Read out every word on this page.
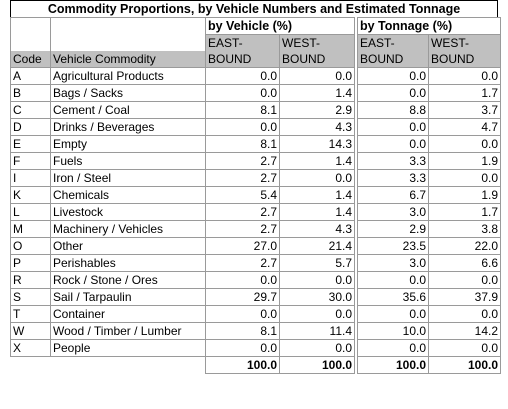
Commodity Proportions, by Vehicle Numbers and Estimated Tonnage
		by Vehicle (%)			by Tonnage (%)	
		EAST-	WEST-		EAST-	WEST-
Code	Vehicle Commodity	BOUND	BOUND		BOUND	BOUND
A	Agricultural Products	0.0	0.0		0.0	0.0
B	Bags / Sacks	0.0	1.4		0.0	1.7
C	Cement / Coal	8.1	2.9		8.8	3.7
D	Drinks / Beverages	0.0	4.3		0.0	4.7
E	Empty	8.1	14.3		0.0	0.0
F	Fuels	2.7	1.4		3.3	1.9
I	Iron / Steel	2.7	0.0		3.3	0.0
K	Chemicals	5.4	1.4		6.7	1.9
L	Livestock	2.7	1.4		3.0	1.7
M	Machinery / Vehicles	2.7	4.3		2.9	3.8
O	Other	27.0	21.4		23.5	22.0
P	Perishables	2.7	5.7		3.0	6.6
R	Rock / Stone / Ores	0.0	0.0		0.0	0.0
S	Sail / Tarpaulin	29.7	30.0		35.6	37.9
T	Container	0.0	0.0		0.0	0.0
W	Wood / Timber / Lumber	8.1	11.4		10.0	14.2
X	People	0.0	0.0		0.0	0.0
		100.0	100.0		100.0	100.0
